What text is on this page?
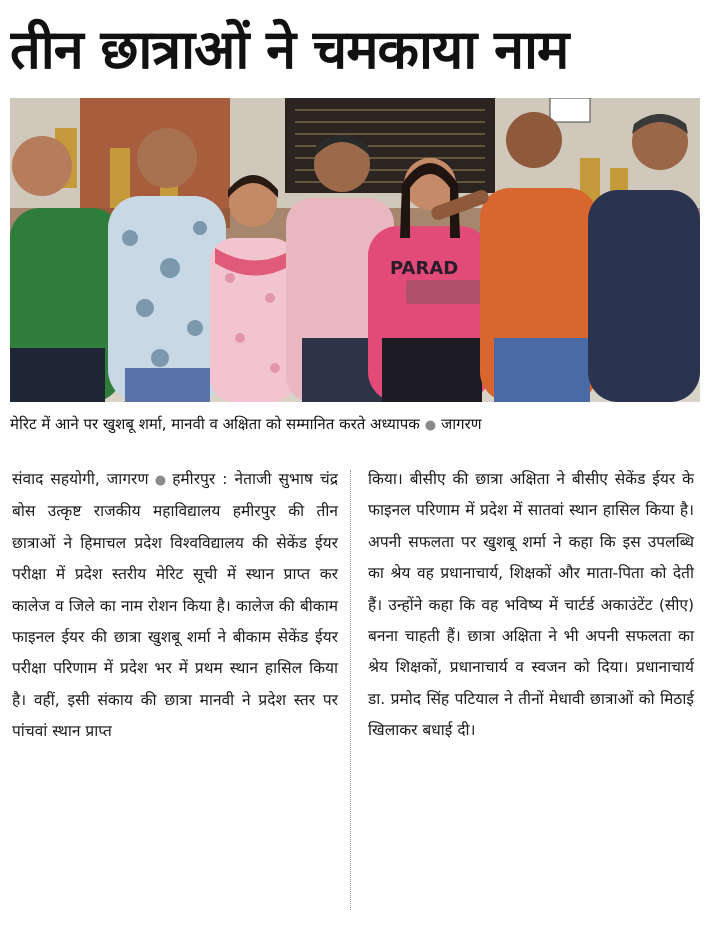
तीन छात्राओं ने चमकाया नाम
PARAD
मेरिट में आने पर खुशबू शर्मा, मानवी व अक्षिता को सम्मानित करते अध्यापक ● जागरण
संवाद सहयोगी, जागरण ● हमीरपुर : नेताजी सुभाष चंद्र बोस उत्कृष्ट राजकीय महाविद्यालय हमीरपुर की तीन छात्राओं ने हिमाचल प्रदेश विश्वविद्यालय की सेकेंड ईयर परीक्षा में प्रदेश स्तरीय मेरिट सूची में स्थान प्राप्त कर कालेज व जिले का नाम रोशन किया है। कालेज की बीकाम फाइनल ईयर की छात्रा खुशबू शर्मा ने बीकाम सेकेंड ईयर परीक्षा परिणाम में प्रदेश भर में प्रथम स्थान हासिल किया है। वहीं, इसी संकाय की छात्रा मानवी ने प्रदेश स्तर पर पांचवां स्थान प्राप्त
किया। बीसीए की छात्रा अक्षिता ने बीसीए सेकेंड ईयर के फाइनल परिणाम में प्रदेश में सातवां स्थान हासिल किया है। अपनी सफलता पर खुशबू शर्मा ने कहा कि इस उपलब्धि का श्रेय वह प्रधानाचार्य, शिक्षकों और माता-पिता को देती हैं। उन्होंने कहा कि वह भविष्य में चार्टर्ड अकाउंटेंट (सीए) बनना चाहती हैं। छात्रा अक्षिता ने भी अपनी सफलता का श्रेय शिक्षकों, प्रधानाचार्य व स्वजन को दिया। प्रधानाचार्य डा. प्रमोद सिंह पटियाल ने तीनों मेधावी छात्राओं को मिठाई खिलाकर बधाई दी।
